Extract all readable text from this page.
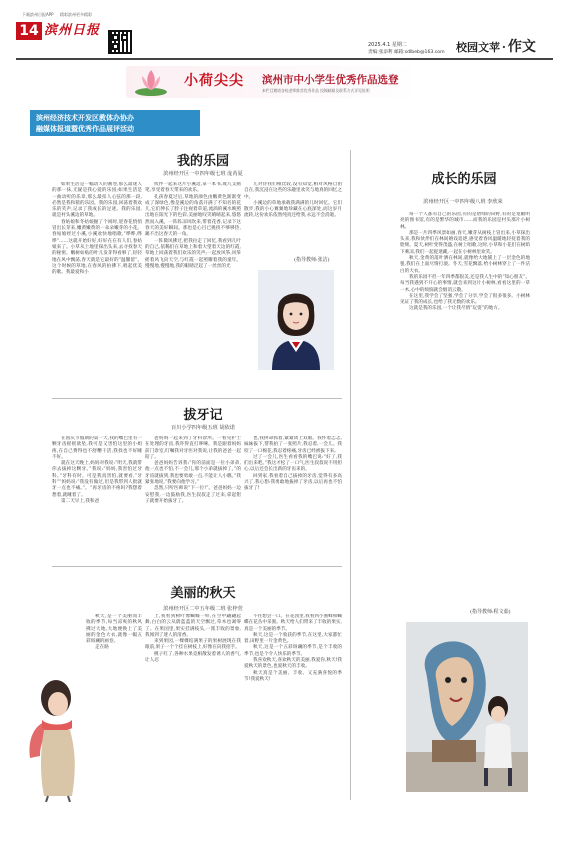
下载滨州日报APP 精彩滨州更多精彩
14 滨州日报
2025.4.1 星期二
责编:张添利 邮箱:sdlbeb@163.com 校园文苹 · 作文
小荷尖尖 滨州市中小学生优秀作品选登
本栏目邀请各校老师推荐优秀作品 投稿邮箱及联系方式详见说明
滨州经济技术开发区教体办协办
融媒体报道暨优秀作品展评活动
我的乐园
滨州经开区一中四年级七班 庞芮夏

如果生活是一幅动人的画卷,那么最迷人的那一抹,无疑是我心爱的乐园;如果生活是一曲动听的乐章,那么最扣人心弦的那一段,必然是我和猪的乐园。我的乐园,回荡着我欢乐的笑声,记录了我成长的足迹。我的乐园,就是村头溪边的草地。

春姑娘和冬姑娘握了个闲时,迎春花悄悄冒出长芽来,嫩黄嫩黄的一朵朵嫩芽的小花。春姑娘经过小溪,小溪欢快地唱歌,“哗哗,哗哗”……这就开始好好,好好在在有人们,春姑娘来了。小草从土地里探出头来,去寻找春天的秘密。嫩树如贴的叶儿发芽得看够了,轻轻地在风中飘荡,春天就是它最好的“温馨留”。这个时候的草地,在春风的拍拂下,唱起优美的歌。我最爱和小

伙伴一起来这片小溪边,拿一本书,或几支画笔,享受着春天带来的欢乐。

孔孩春夏过后,草地的颜色由嫩黄色渐渐变成了深绿色,像是溪边的角落开满了不知名的花儿,它们伸长了脖子注视着草道,流淌的溪水映照出地在阳光下的色彩,美丽地叹笑晴晴起来,悠悠然而入溪。一阵阵凉风吹来,带着花香,记录下这春天的美好瞬间。那也是心目已挑找不够够热,踢不出这春天的一角。

一阵微风拂过,把我拉走了回忆,我看到几叶的自己,依稀们在草地上和着大望着天边的红霞,草地上回荡着我们欢乐的笑声;一起放风筝,风筝摇着风飞向天空,与红霞一起照耀着我的童年。慢慢地,慢慢地,我的眼睛泛起了一丝丝的光

儿对待我们相比较,没有知觉,相对风格自由自在,我沉浸在这些的乐趣里欢笑与地真的回忆之中。

小溪边的草地承载我满满的儿时回忆。它们散步,我的小心翼翼地珍藏在心底深处,而这岁月流转,这份欢乐依然纯真还给我,永远不会消逝。

(指导教师:张洁)
拔牙记
百川小学四年级五班 胡依诺

在国庆节假期的第一天,我的嘴巴里有一颗牙齿摇摇欲坠,我可是又害怕这里的小姐疼,在自己费得也不舒糟干活,我找也不好睡不好。

就在这天晚上,妈妈对我说:“明天,我就带你去拔掉这颗牙。”我说:“妈妈,我害怕过牙科。”牙科有时。可是我真害怕,就要看,“牙科”“妈妈说:“我没有做过,但是我带到人批就牙一点也不痛。”。“再牙齿的不疼吗?我想着想着,就睡着了。

第二天早上,我和爸

爸妈妈一起来到了牙科诊所。一看见护士在处理的牙齿,我吓得直打哆嗦。我是跟着妈妈前门诊室,叮嘱我对牙医对我说,让我的爸爸一起陪了。

爸爸妈妈告诉我:“你的前面是一位小弟弟,他一点也不怕,不一会儿,那个小弟就拔掉了。”的牙齿就拔到,我也要勇敢一点,不能让人小瞧。”我紧张地说,“我要向他学习。”

忽然,只听医师说“下一位!”。爸爸妈妈一边安慰我,一边鼓励我,医生叔叔走了过来,拿起钳子就要开始拔牙了。

也,我拼命抓着,紧紧闭上双眼。我怀着忐忑,妹妹拔下,帮我拍了一张照片,我忍着,一会儿。我咬了一口棉花,我忍着疼痛,牙齿已经被拔下来。

过了一会儿,医生看看我的嘴巴说:“好了,我们出来吧。”我这才松了一口气,医生叔叔说不用担心,以后还会长出新的牙齿来的。

回到家,我看着自己拔掉的牙齿,觉得有多高兴了,我心想:我勇敢地拔掉了牙齿,以后再也不怕拔牙了!

美丽的秋天
滨州经开区二中五年级二班 张梓萱

秋天,是一个美丽而丰收的季节,每当凉爽的秋风拂过大地,大地便换上了美丽的金色大衣,就像一幅五彩斑斓的画卷。

走在路

上,我看到树叶像蝴蝶一样,在空中翩翩起舞,白白的云从蔚蓝蓝的天空飘过,草木也凋零了。在果园里,果实挂满枝头,一派丰收的景象,我闻到了迷人的清香。

来到果园,一棵棵结满果子的果树展现在我眼前,果子一个个挂在树枝上,好像在向我招手。

桃子红了,各种水果竞相散发着诱人的香气,让人忍

不住想尝一口。在花园里,我看到小蜜蜂和蝴蝶在花丛中采蜜。秋天给人们带来了丰收的果实,真是一个美丽的季节。

秋天,这是一个收获的季节,在这里,大家都忙着,田野里一片金黄色。

秋天,这是一个五彩斑斓的季节,是个丰收的季节,也是个令人快乐的季节。

我喜欢秋天,喜欢秋天的美丽,我爱你,秋天!我爱秋天的景色,也爱秋天的丰收。

秋天真是个美丽、丰收、又充满喜悦的季节!我爱秋天!

成长的乐园
滨州经开区一中四年级八班 李欣荣

每一个人都有自己的乐园,有的是碧绿的田野,有的是宽敞明亮的图书馆,有的是繁华的城市……而我的乐园是村头那片小树林。

那是一片四季风景如画,春天,嫩芽从树枝上冒出来,小草探出头来,我和伙伴们在林间嬉戏追逐,感受着春风温暖地轻抚着我的脸颊。夏天,树叶变得茂盛,在树上唱歌,这时,小草和小花们在树荫下乘凉,我们一起捉迷藏,一起在小树林里欢笑。

秋天,金黄的落叶洒在林间,就像给大地铺上了一层金色的地毯,我们在上面尽情打滚。冬天,雪花飘落,给小树林穿上了一件洁白的大衣。

我的乐园不但一年四季都很美,还是我人生中的“知心朋友”。每当我遇到不开心的事情,就会来到这片小树林,看看这里的一草一木,心中的烦恼就会烟消云散。

在这里,我学会了坚强,学会了分享,学会了很多很多。小树林见证了我的成长,也给了我无数的欢乐。

这就是我的乐园,一个让我尽情“玩耍”的地方。

(指导教师:程文茹)
